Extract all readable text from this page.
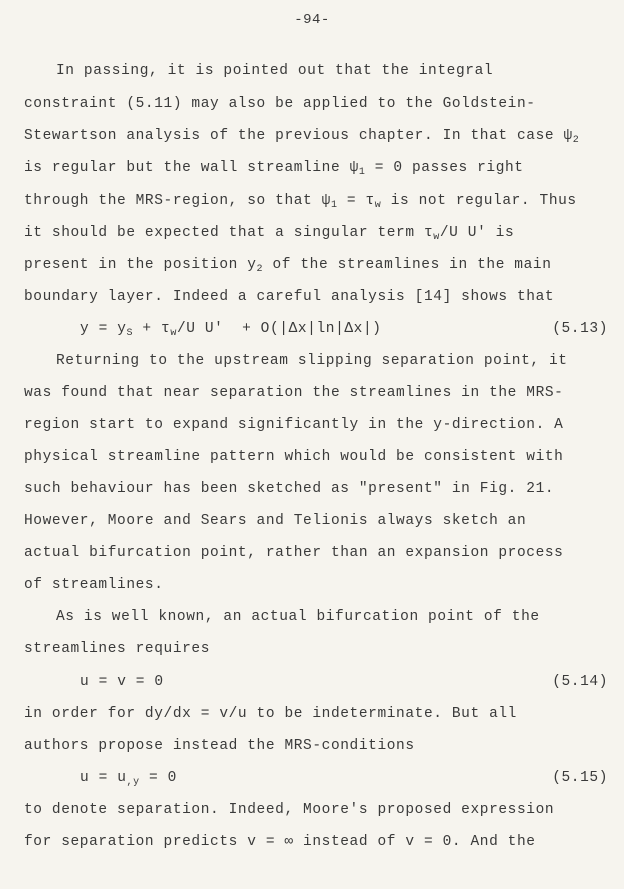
-94-
In passing, it is pointed out that the integral
constraint (5.11) may also be applied to the Goldstein-
Stewartson analysis of the previous chapter. In that case $\psi_2$
is regular but the wall streamline $\psi_1 = 0$ passes right
through the MRS-region, so that $\psi_1 = \tau_w$ is not regular. Thus
it should be expected that a singular term $\tau_w/U$ U' is
present in the position $y_2$ of the streamlines in the main
boundary layer. Indeed a careful analysis [14] shows that
$y = y_S + \tau_w/U$ U'  + O(|Δx|ln|Δx|)	(5.13)
Returning to the upstream slipping separation point, it
was found that near separation the streamlines in the MRS-
region start to expand significantly in the y-direction. A
physical streamline pattern which would be consistent with
such behaviour has been sketched as "present" in Fig. 21.
However, Moore and Sears and Telionis always sketch an
actual bifurcation point, rather than an expansion process
of streamlines.
As is well known, an actual bifurcation point of the
streamlines requires
u = v = 0	(5.14)
in order for dy/dx = v/u to be indeterminate. But all
authors propose instead the MRS-conditions
$u = u_{,y} = 0$	(5.15)
to denote separation. Indeed, Moore's proposed expression
for separation predicts v = ∞ instead of v = 0. And the
